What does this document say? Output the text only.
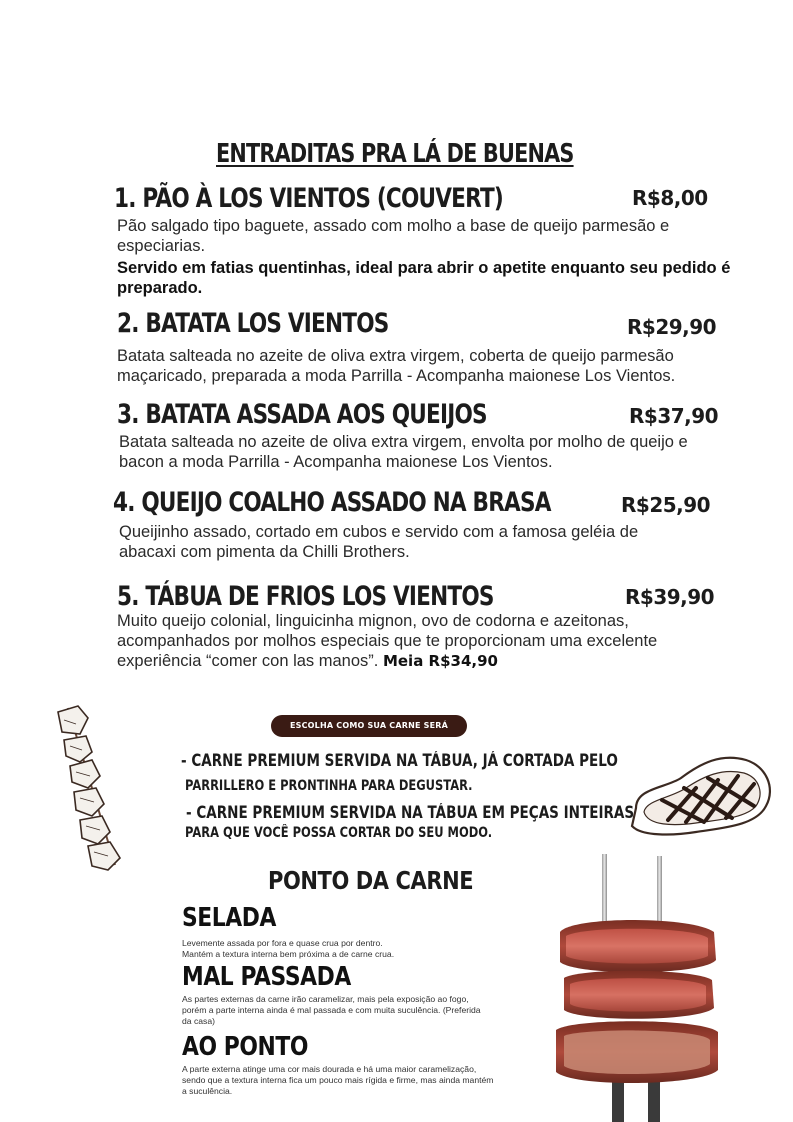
ENTRADITAS PRA LÁ DE BUENAS
1. PÃO À LOS VIENTOS (COUVERT)	R$8,00
Pão salgado tipo baguete, assado com molho a base de queijo parmesão e especiarias.
Servido em fatias quentinhas, ideal para abrir o apetite enquanto seu pedido é preparado.
2. BATATA LOS VIENTOS	R$29,90
Batata salteada no azeite de oliva extra virgem, coberta de queijo parmesão maçaricado, preparada a moda Parrilla - Acompanha maionese Los Vientos.
3. BATATA ASSADA AOS QUEIJOS	R$37,90
Batata salteada no azeite de oliva extra virgem, envolta por molho de queijo e bacon a moda Parrilla - Acompanha maionese Los Vientos.
4. QUEIJO COALHO ASSADO NA BRASA	R$25,90
Queijinho assado, cortado em cubos e servido com a famosa geléia de abacaxi com pimenta da Chilli Brothers.
5. TÁBUA DE FRIOS LOS VIENTOS	R$39,90
Muito queijo colonial, linguicinha mignon, ovo de codorna e azeitonas, acompanhados por molhos especiais que te proporcionam uma excelente experiência “comer con las manos”. Meia R$34,90
ESCOLHA COMO SUA CARNE SERÁ SERVIDA:
- CARNE PREMIUM SERVIDA NA TÁBUA, JÁ CORTADA PELO
PARRILLERO E PRONTINHA PARA DEGUSTAR.
- CARNE PREMIUM SERVIDA NA TÁBUA EM PEÇAS INTEIRAS
PARA QUE VOCÊ POSSA CORTAR DO SEU MODO.
PONTO DA CARNE
SELADA
Levemente assada por fora e quase crua por dentro. Mantém a textura interna bem próxima a de carne crua.
MAL PASSADA
As partes externas da carne irão caramelizar, mais pela exposição ao fogo, porém a parte interna ainda é mal passada e com muita suculência. (Preferida da casa)
AO PONTO
A parte externa atinge uma cor mais dourada e há uma maior caramelização, sendo que a textura interna fica um pouco mais rígida e firme, mas ainda mantém a suculência.
